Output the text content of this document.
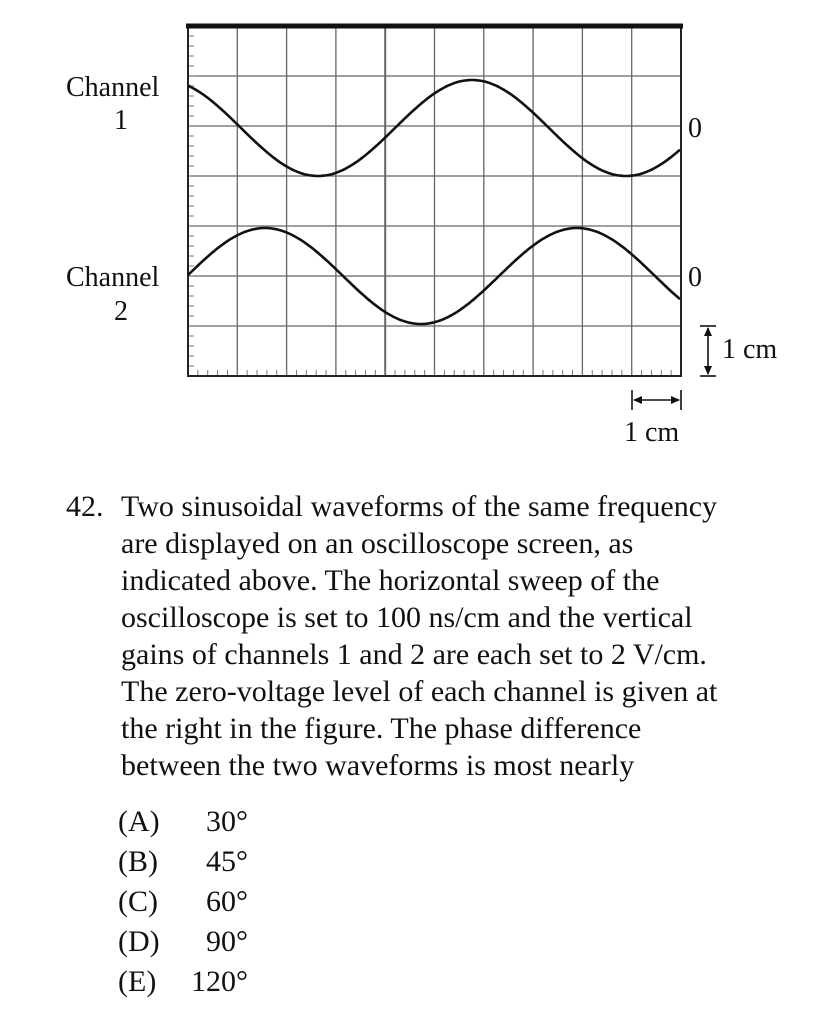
Channel
1
Channel
2
0
0
1 cm
1 cm
42. Two sinusoidal waveforms of the same frequency
are displayed on an oscilloscope screen, as
indicated above. The horizontal sweep of the
oscilloscope is set to 100 ns/cm and the vertical
gains of channels 1 and 2 are each set to 2 V/cm.
The zero-voltage level of each channel is given at
the right in the figure. The phase difference
between the two waveforms is most nearly
(A)	30°
(B)	45°
(C)	60°
(D)	90°
(E)	120°
